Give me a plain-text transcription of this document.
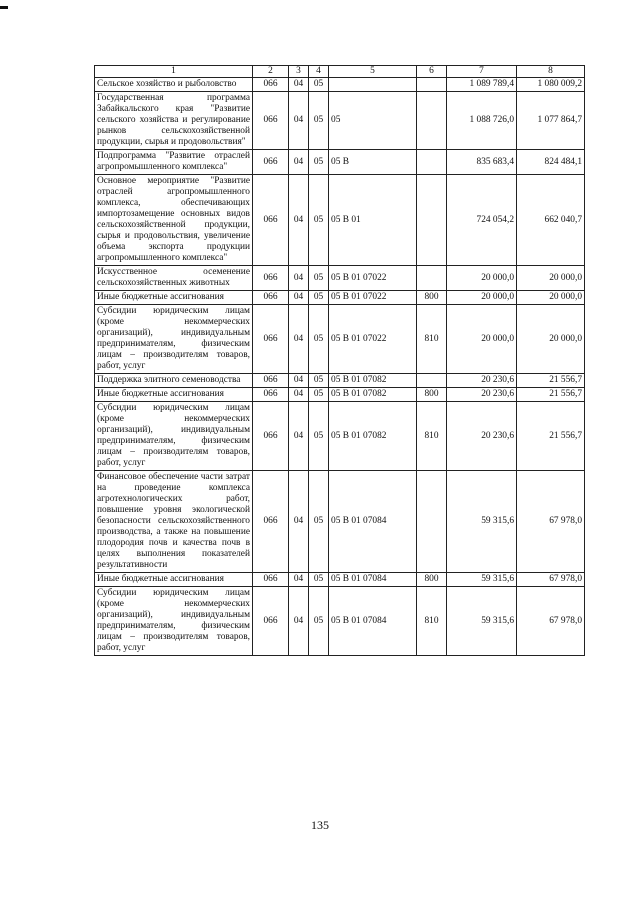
1	2	3	4	5	6	7	8
Сельское хозяйство и рыболовство	066	04	05			1 089 789,4	1 080 009,2
Государственная программа Забайкальского края "Развитие сельского хозяйства и регулирование рынков сельскохозяйственной продукции, сырья и продовольствия"	066	04	05	05		1 088 726,0	1 077 864,7
Подпрограмма "Развитие отраслей агропромышленного комплекса"	066	04	05	05 В		835 683,4	824 484,1
Основное мероприятие "Развитие отраслей агропромышленного комплекса, обеспечивающих импортозамещение основных видов сельскохозяйственной продукции, сырья и продовольствия, увеличение объема экспорта продукции агропромышленного комплекса"	066	04	05	05 В 01		724 054,2	662 040,7
Искусственное осеменение сельскохозяйственных животных	066	04	05	05 В 01 07022		20 000,0	20 000,0
Иные бюджетные ассигнования	066	04	05	05 В 01 07022	800	20 000,0	20 000,0
Субсидии юридическим лицам (кроме некоммерческих организаций), индивидуальным предпринимателям, физическим лицам – производителям товаров, работ, услуг	066	04	05	05 В 01 07022	810	20 000,0	20 000,0
Поддержка элитного семеноводства	066	04	05	05 В 01 07082		20 230,6	21 556,7
Иные бюджетные ассигнования	066	04	05	05 В 01 07082	800	20 230,6	21 556,7
Субсидии юридическим лицам (кроме некоммерческих организаций), индивидуальным предпринимателям, физическим лицам – производителям товаров, работ, услуг	066	04	05	05 В 01 07082	810	20 230,6	21 556,7
Финансовое обеспечение части затрат на проведение комплекса агротехнологических работ, повышение уровня экологической безопасности сельскохозяйственного производства, а также на повышение плодородия почв и качества почв в целях выполнения показателей результативности	066	04	05	05 В 01 07084		59 315,6	67 978,0
Иные бюджетные ассигнования	066	04	05	05 В 01 07084	800	59 315,6	67 978,0
Субсидии юридическим лицам (кроме некоммерческих организаций), индивидуальным предпринимателям, физическим лицам – производителям товаров, работ, услуг	066	04	05	05 В 01 07084	810	59 315,6	67 978,0
135
